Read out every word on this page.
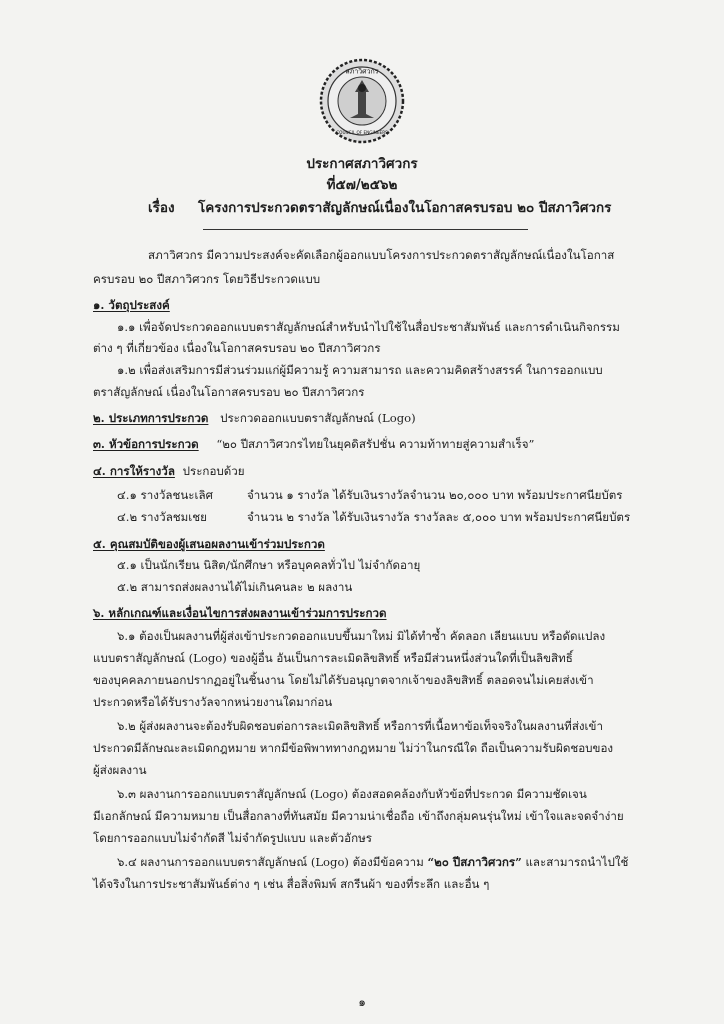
สภาวิศวกร
COUNCIL OF ENGINEERS
ประกาศสภาวิศวกร
ที่๕๗/๒๕๖๒
เรื่อง โครงการประกวดตราสัญลักษณ์เนื่องในโอกาสครบรอบ ๒๐ ปีสภาวิศวกร
สภาวิศวกร มีความประสงค์จะคัดเลือกผู้ออกแบบโครงการประกวดตราสัญลักษณ์เนื่องในโอกาส
ครบรอบ ๒๐ ปีสภาวิศวกร โดยวิธีประกวดแบบ
๑. วัตถุประสงค์
๑.๑ เพื่อจัดประกวดออกแบบตราสัญลักษณ์สำหรับนำไปใช้ในสื่อประชาสัมพันธ์ และการดำเนินกิจกรรม
ต่าง ๆ ที่เกี่ยวข้อง เนื่องในโอกาสครบรอบ ๒๐ ปีสภาวิศวกร
๑.๒ เพื่อส่งเสริมการมีส่วนร่วมแก่ผู้มีความรู้ ความสามารถ และความคิดสร้างสรรค์ ในการออกแบบ
ตราสัญลักษณ์ เนื่องในโอกาสครบรอบ ๒๐ ปีสภาวิศวกร
๒. ประเภทการประกวด ประกวดออกแบบตราสัญลักษณ์ (Logo)
๓. หัวข้อการประกวด “๒๐ ปีสภาวิศวกรไทยในยุคดิสรัปชั่น ความท้าทายสู่ความสำเร็จ”
๔. การให้รางวัล ประกอบด้วย
๔.๑ รางวัลชนะเลิศ	จำนวน ๑ รางวัล ได้รับเงินรางวัลจำนวน ๒๐,๐๐๐ บาท พร้อมประกาศนียบัตร
๔.๒ รางวัลชมเชย	จำนวน ๒ รางวัล ได้รับเงินรางวัล รางวัลละ ๕,๐๐๐ บาท พร้อมประกาศนียบัตร
๕. คุณสมบัติของผู้เสนอผลงานเข้าร่วมประกวด
๕.๑ เป็นนักเรียน นิสิต/นักศึกษา หรือบุคคลทั่วไป ไม่จำกัดอายุ
๕.๒ สามารถส่งผลงานได้ไม่เกินคนละ ๒ ผลงาน
๖. หลักเกณฑ์และเงื่อนไขการส่งผลงานเข้าร่วมการประกวด
๖.๑ ต้องเป็นผลงานที่ผู้ส่งเข้าประกวดออกแบบขึ้นมาใหม่ มิได้ทำซ้ำ คัดลอก เลียนแบบ หรือดัดแปลง
แบบตราสัญลักษณ์ (Logo) ของผู้อื่น อันเป็นการละเมิดลิขสิทธิ์ หรือมีส่วนหนึ่งส่วนใดที่เป็นลิขสิทธิ์
ของบุคคลภายนอกปรากฏอยู่ในชิ้นงาน โดยไม่ได้รับอนุญาตจากเจ้าของลิขสิทธิ์ ตลอดจนไม่เคยส่งเข้า
ประกวดหรือได้รับรางวัลจากหน่วยงานใดมาก่อน
๖.๒ ผู้ส่งผลงานจะต้องรับผิดชอบต่อการละเมิดลิขสิทธิ์ หรือการที่เนื้อหาข้อเท็จจริงในผลงานที่ส่งเข้า
ประกวดมีลักษณะละเมิดกฎหมาย หากมีข้อพิพาททางกฎหมาย ไม่ว่าในกรณีใด ถือเป็นความรับผิดชอบของ
ผู้ส่งผลงาน
๖.๓ ผลงานการออกแบบตราสัญลักษณ์ (Logo) ต้องสอดคล้องกับหัวข้อที่ประกวด มีความชัดเจน
มีเอกลักษณ์ มีความหมาย เป็นสื่อกลางที่ทันสมัย มีความน่าเชื่อถือ เข้าถึงกลุ่มคนรุ่นใหม่ เข้าใจและจดจำง่าย
โดยการออกแบบไม่จำกัดสี ไม่จำกัดรูปแบบ และตัวอักษร
๖.๔ ผลงานการออกแบบตราสัญลักษณ์ (Logo) ต้องมีข้อความ “๒๐ ปีสภาวิศวกร” และสามารถนำไปใช้
ได้จริงในการประชาสัมพันธ์ต่าง ๆ เช่น สื่อสิ่งพิมพ์ สกรีนผ้า ของที่ระลึก และอื่น ๆ
๑
